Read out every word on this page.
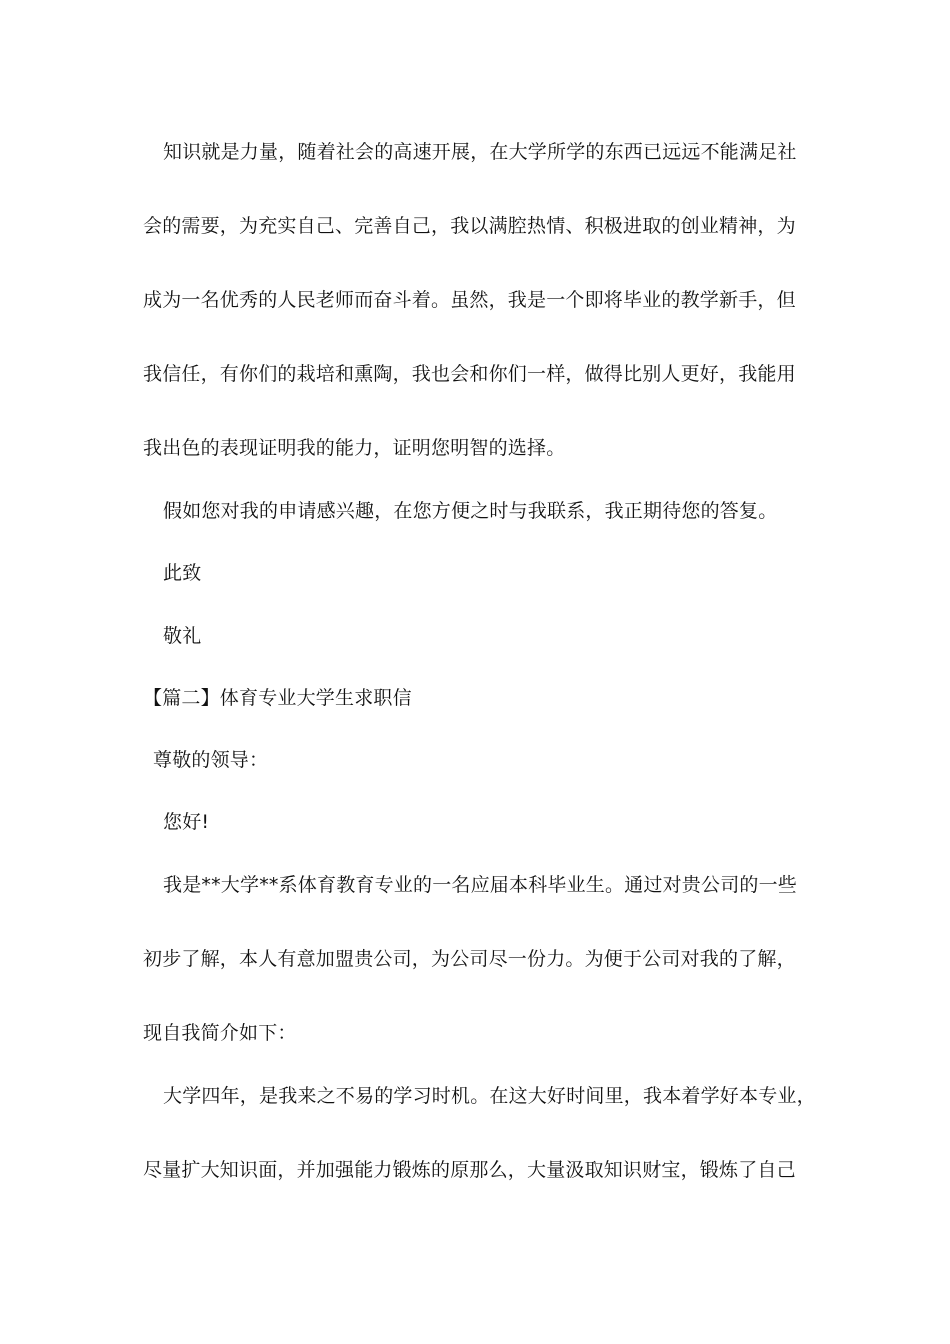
知识就是力量，随着社会的高速开展，在大学所学的东西已远远不能满足社
会的需要，为充实自己、完善自己，我以满腔热情、积极进取的创业精神，为
成为一名优秀的人民老师而奋斗着。虽然，我是一个即将毕业的教学新手，但
我信任，有你们的栽培和熏陶，我也会和你们一样，做得比别人更好，我能用
我出色的表现证明我的能力，证明您明智的选择。
假如您对我的申请感兴趣，在您方便之时与我联系，我正期待您的答复。
此致
敬礼
【篇二】体育专业大学生求职信
尊敬的领导：
您好!
我是**大学**系体育教育专业的一名应届本科毕业生。通过对贵公司的一些
初步了解，本人有意加盟贵公司，为公司尽一份力。为便于公司对我的了解，
现自我简介如下：
大学四年，是我来之不易的学习时机。在这大好时间里，我本着学好本专业，
尽量扩大知识面，并加强能力锻炼的原那么，大量汲取知识财宝，锻炼了自己
